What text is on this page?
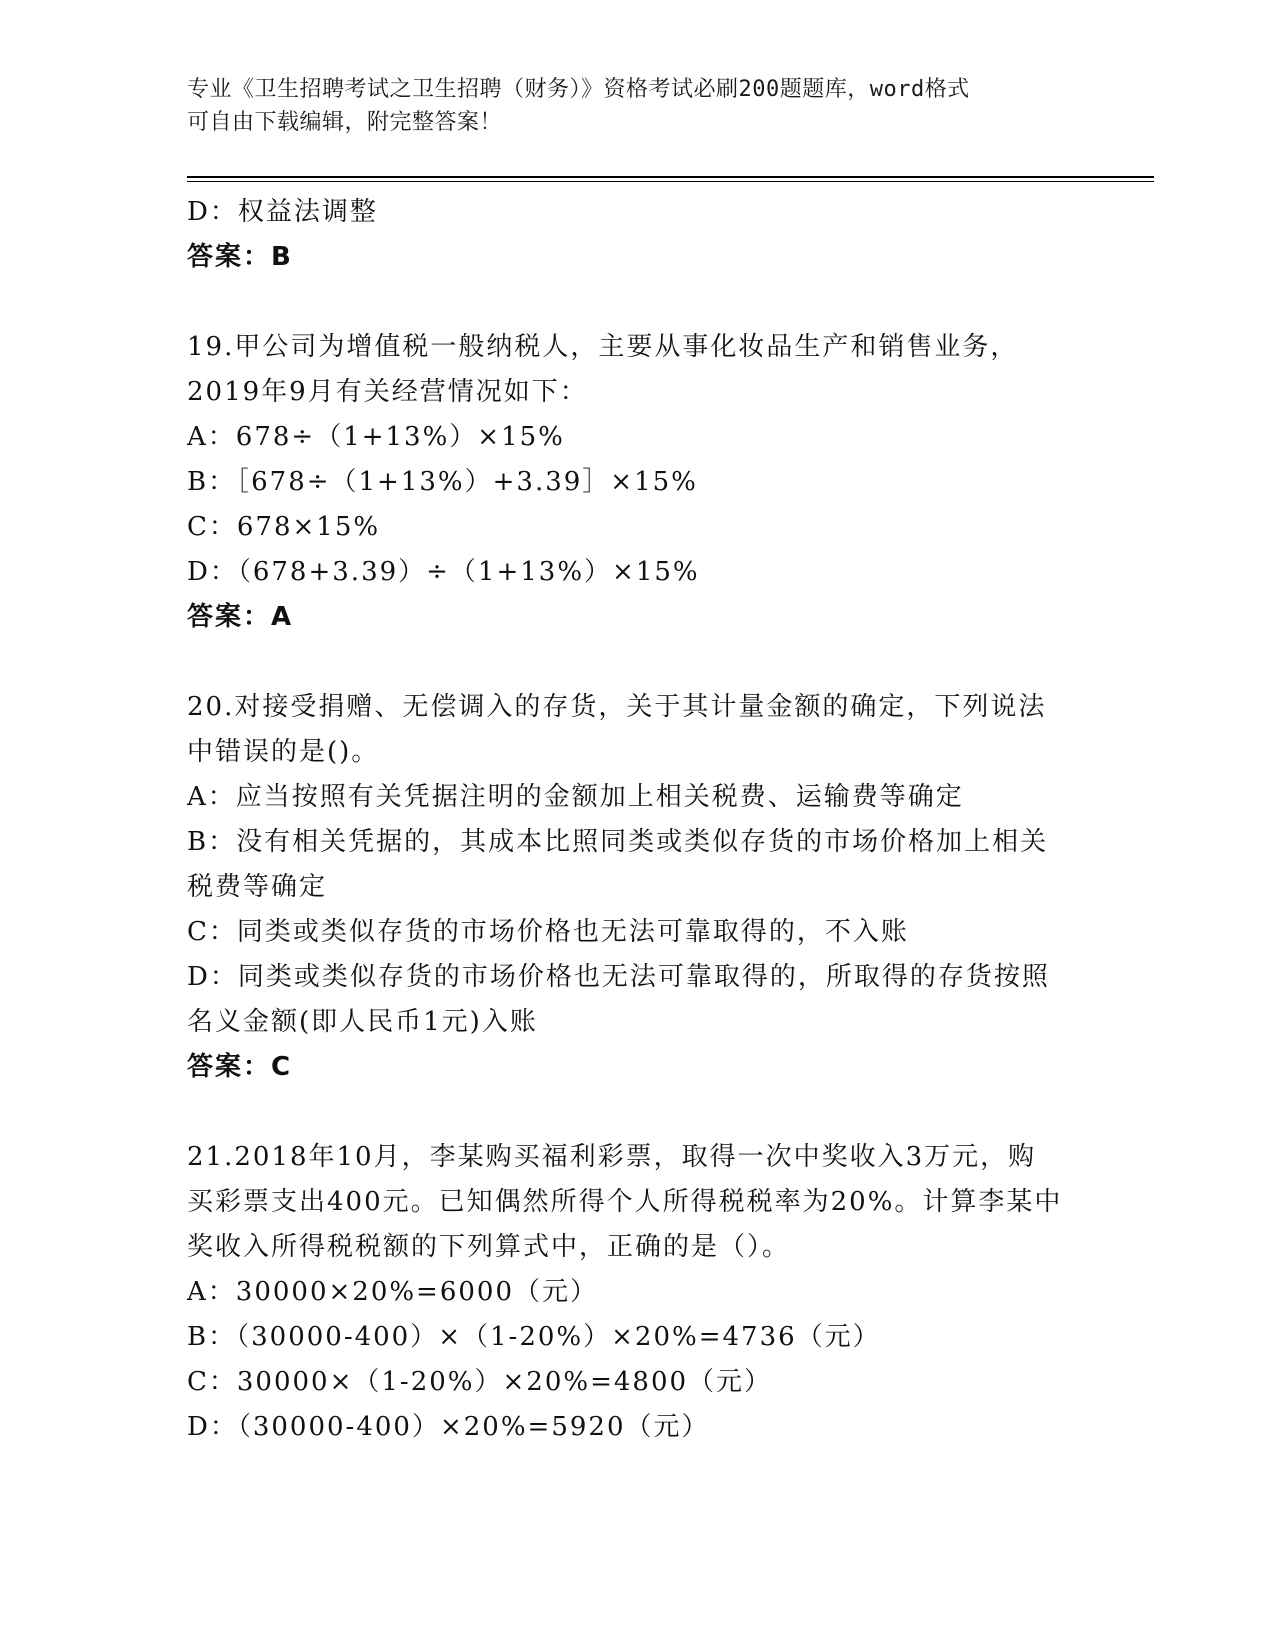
专业《卫生招聘考试之卫生招聘（财务）》资格考试必刷200题题库，word格式
可自由下载编辑，附完整答案！
D：权益法调整
答案：B
19.甲公司为增值税一般纳税人，主要从事化妆品生产和销售业务，
2019年9月有关经营情况如下：
A：678÷（1+13%）×15%
B：［678÷（1+13%）+3.39］×15%
C：678×15%
D：（678+3.39）÷（1+13%）×15%
答案：A
20.对接受捐赠、无偿调入的存货，关于其计量金额的确定，下列说法
中错误的是()。
A：应当按照有关凭据注明的金额加上相关税费、运输费等确定
B：没有相关凭据的，其成本比照同类或类似存货的市场价格加上相关
税费等确定
C：同类或类似存货的市场价格也无法可靠取得的，不入账
D：同类或类似存货的市场价格也无法可靠取得的，所取得的存货按照
名义金额(即人民币1元)入账
答案：C
21.2018年10月，李某购买福利彩票，取得一次中奖收入3万元，购
买彩票支出400元。已知偶然所得个人所得税税率为20%。计算李某中
奖收入所得税税额的下列算式中，正确的是（）。
A：30000×20%=6000（元）
B：（30000-400）×（1-20%）×20%=4736（元）
C：30000×（1-20%）×20%=4800（元）
D：（30000-400）×20%=5920（元）
